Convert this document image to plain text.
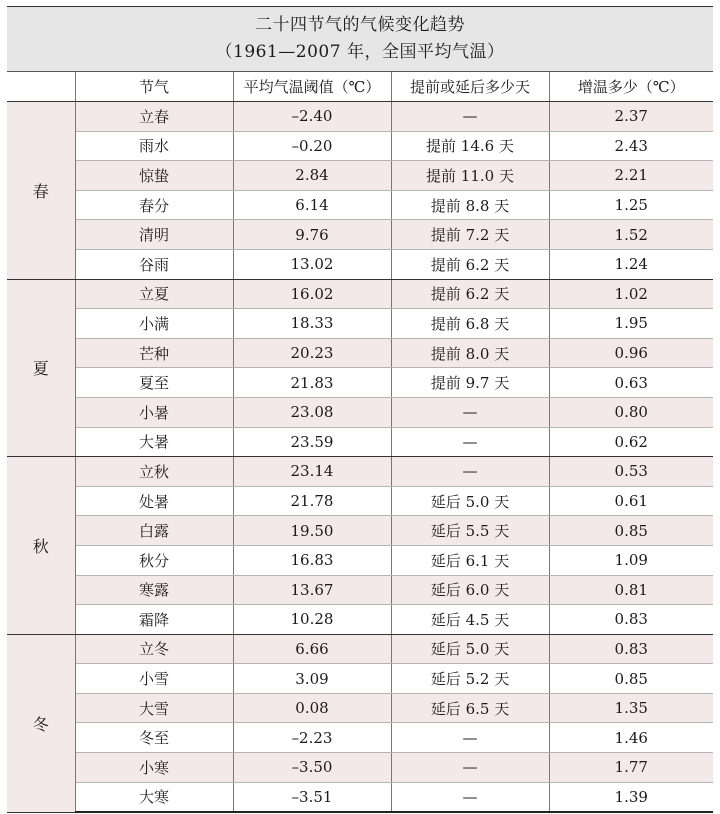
二十四节气的气候变化趋势
（1961—2007 年，全国平均气温）
	节气	平均气温阈值（℃）	提前或延后多少天	增温多少（℃）
春	立春	–2.40	—	2.37
	雨水	–0.20	提前 14.6 天	2.43
	惊蛰	2.84	提前 11.0 天	2.21
	春分	6.14	提前 8.8 天	1.25
	清明	9.76	提前 7.2 天	1.52
	谷雨	13.02	提前 6.2 天	1.24
夏	立夏	16.02	提前 6.2 天	1.02
	小满	18.33	提前 6.8 天	1.95
	芒种	20.23	提前 8.0 天	0.96
	夏至	21.83	提前 9.7 天	0.63
	小暑	23.08	—	0.80
	大暑	23.59	—	0.62
秋	立秋	23.14	—	0.53
	处暑	21.78	延后 5.0 天	0.61
	白露	19.50	延后 5.5 天	0.85
	秋分	16.83	延后 6.1 天	1.09
	寒露	13.67	延后 6.0 天	0.81
	霜降	10.28	延后 4.5 天	0.83
冬	立冬	6.66	延后 5.0 天	0.83
	小雪	3.09	延后 5.2 天	0.85
	大雪	0.08	延后 6.5 天	1.35
	冬至	–2.23	—	1.46
	小寒	–3.50	—	1.77
	大寒	–3.51	—	1.39
